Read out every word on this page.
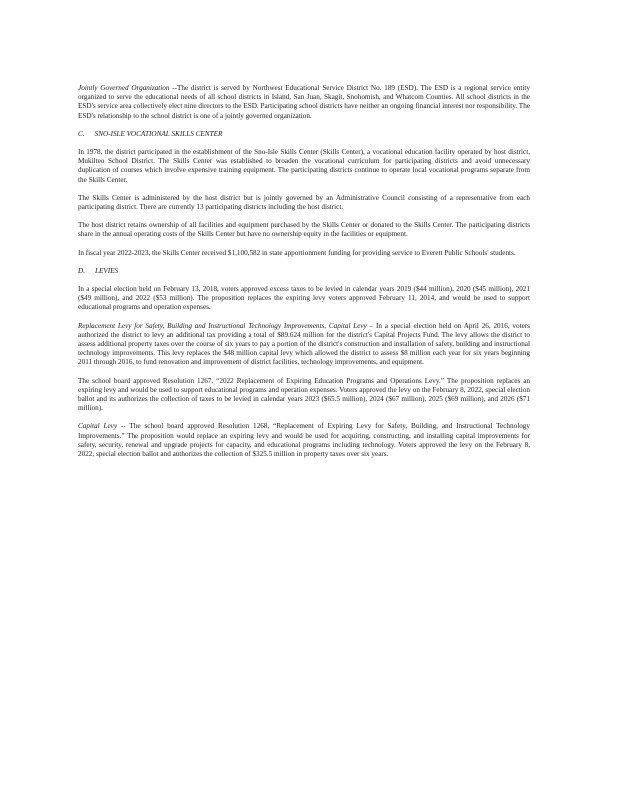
Jointly Governed Organization --The district is served by Northwest Educational Service District No. 189 (ESD). The ESD is a regional service entity organized to serve the educational needs of all school districts in Island, San Juan, Skagit, Snohomish, and Whatcom Counties. All school districts in the ESD's service area collectively elect nine directors to the ESD. Participating school districts have neither an ongoing financial interest nor responsibility. The ESD's relationship to the school district is one of a jointly governed organization.

C. SNO-ISLE VOCATIONAL SKILLS CENTER

In 1978, the district participated in the establishment of the Sno-Isle Skills Center (Skills Center), a vocational education facility operated by host district, Mukilteo School District. The Skills Center was established to broaden the vocational curriculum for participating districts and avoid unnecessary duplication of courses which involve expensive training equipment. The participating districts continue to operate local vocational programs separate from the Skills Center.

The Skills Center is administered by the host district but is jointly governed by an Administrative Council consisting of a representative from each participating district. There are currently 13 participating districts including the host district.

The host district retains ownership of all facilities and equipment purchased by the Skills Center or donated to the Skills Center. The participating districts share in the annual operating costs of the Skills Center but have no ownership equity in the facilities or equipment.

In fiscal year 2022-2023, the Skills Center received $1,100,582 in state apportionment funding for providing service to Everett Public Schools' students.

D. LEVIES

In a special election held on February 13, 2018, voters approved excess taxes to be levied in calendar years 2019 ($44 million), 2020 ($45 million), 2021 ($49 million), and 2022 ($53 million). The proposition replaces the expiring levy voters approved February 11, 2014, and would be used to support educational programs and operation expenses.

Replacement Levy for Safety, Building and Instructional Technology Improvements, Capital Levy – In a special election held on April 26, 2016, voters authorized the district to levy an additional tax providing a total of $89.624 million for the district's Capital Projects Fund. The levy allows the district to assess additional property taxes over the course of six years to pay a portion of the district's construction and installation of safety, building and instructional technology improvements. This levy replaces the $48 million capital levy which allowed the district to assess $8 million each year for six years beginning 2011 through 2016, to fund renovation and improvement of district facilities, technology improvements, and equipment.

The school board approved Resolution 1267, “2022 Replacement of Expiring Education Programs and Operations Levy.” The proposition replaces an expiring levy and would be used to support educational programs and operation expenses. Voters approved the levy on the February 8, 2022, special election ballot and its authorizes the collection of taxes to be levied in calendar years 2023 ($65.5 million), 2024 ($67 million), 2025 ($69 million), and 2026 ($71 million).

Capital Levy -- The school board approved Resolution 1268, “Replacement of Expiring Levy for Safety, Building, and Instructional Technology Improvements.” The proposition would replace an expiring levy and would be used for acquiring, constructing, and installing capital improvements for safety, security, renewal and upgrade projects for capacity, and educational programs including technology. Voters approved the levy on the February 8, 2022, special election ballot and authorizes the collection of $325.5 million in property taxes over six years.
